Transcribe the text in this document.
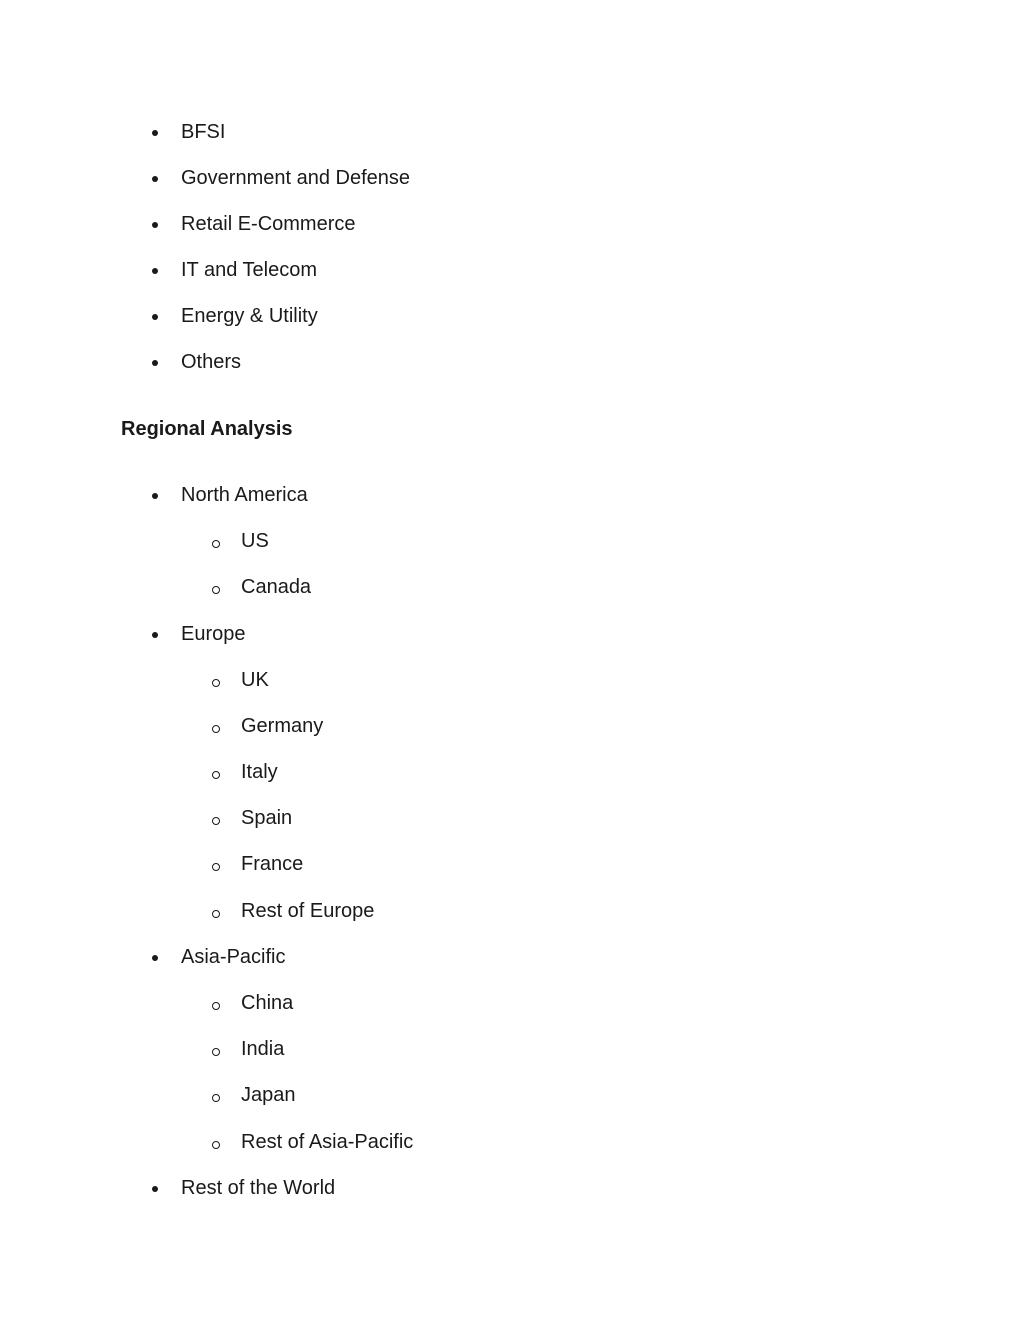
BFSI
Government and Defense
Retail E-Commerce
IT and Telecom
Energy & Utility
Others
Regional Analysis
North America
US
Canada
Europe
UK
Germany
Italy
Spain
France
Rest of Europe
Asia-Pacific
China
India
Japan
Rest of Asia-Pacific
Rest of the World
